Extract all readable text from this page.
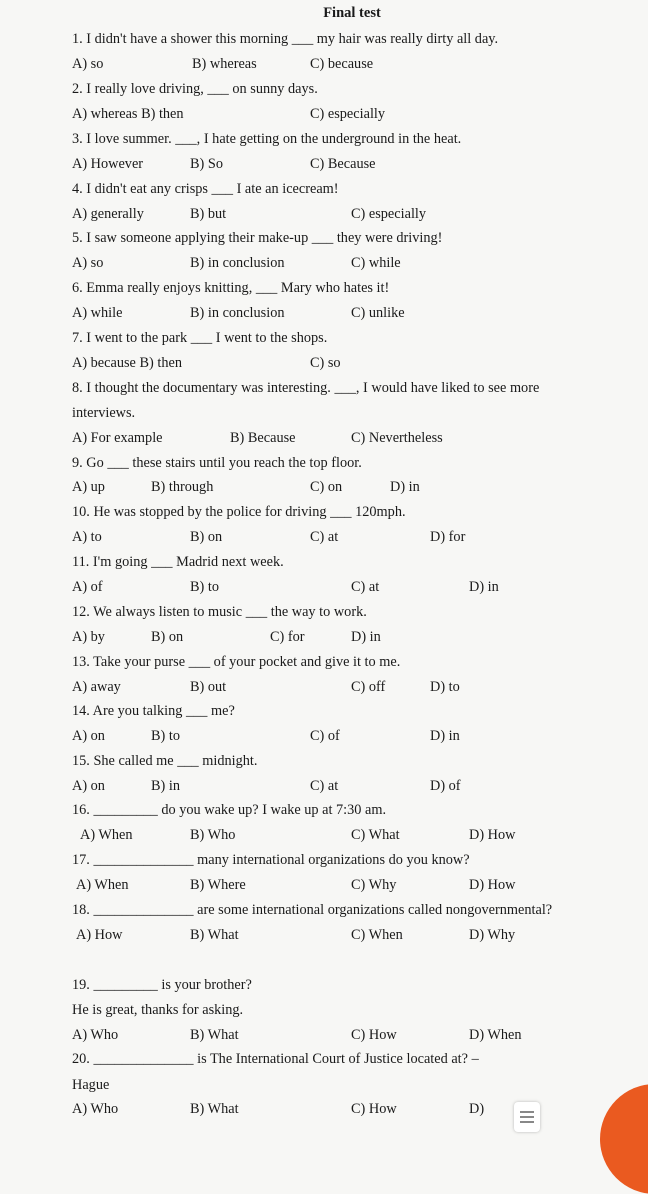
Final test
1. I didn't have a shower this morning ___ my hair was really dirty all day.
A) so	B) whereas	C) because
2. I really love driving, ___ on sunny days.
A) whereas B) then	C) especially
3. I love summer. ___, I hate getting on the underground in the heat.
A) However	B) So	C) Because
4. I didn't eat any crisps ___ I ate an icecream!
A) generally	B) but	C) especially
5. I saw someone applying their make-up ___ they were driving!
A) so	B) in conclusion	C) while
6. Emma really enjoys knitting, ___ Mary who hates it!
A) while	B) in conclusion	C) unlike
7. I went to the park ___ I went to the shops.
A) because B) then	C) so
8. I thought the documentary was interesting. ___, I would have liked to see more
interviews.
A) For example	B) Because	C) Nevertheless
9. Go ___ these stairs until you reach the top floor.
A) up	B) through	C) on	D) in
10. He was stopped by the police for driving ___ 120mph.
A) to	B) on	C) at	D) for
11. I'm going ___ Madrid next week.
A) of	B) to	C) at	D) in
12. We always listen to music ___ the way to work.
A) by	B) on	C) for	D) in
13. Take your purse ___ of your pocket and give it to me.
A) away	B) out	C) off	D) to
14. Are you talking ___ me?
A) on	B) to	C) of	D) in
15. She called me ___ midnight.
A) on	B) in	C) at	D) of
16. _________ do you wake up? I wake up at 7:30 am.
A) When	B) Who	C) What	D) How
17. ______________ many international organizations do you know?
A) When	B) Where	C) Why	D) How
18. ______________ are some international organizations called nongovernmental?
A) How	B) What	C) When	D) Why
19. _________ is your brother?
He is great, thanks for asking.
A) Who	B) What	C) How	D) When
20. ______________ is The International Court of Justice located at? –
Hague
A) Who	B) What	C) How	D)
